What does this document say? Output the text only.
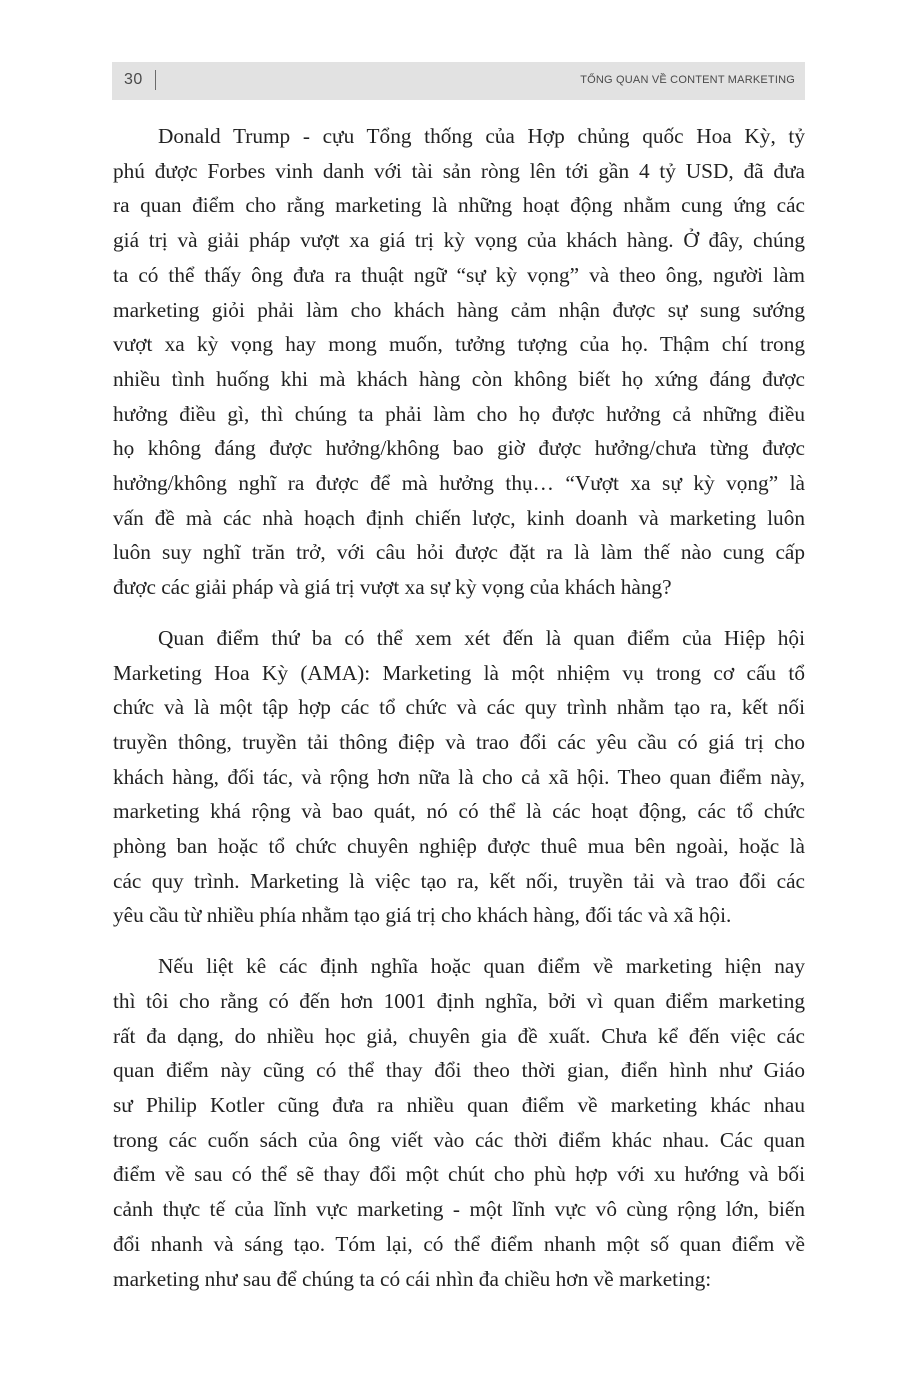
30	TỔNG QUAN VỀ CONTENT MARKETING
Donald Trump - cựu Tổng thống của Hợp chủng quốc Hoa Kỳ, tỷ
phú được Forbes vinh danh với tài sản ròng lên tới gần 4 tỷ USD, đã đưa
ra quan điểm cho rằng marketing là những hoạt động nhằm cung ứng các
giá trị và giải pháp vượt xa giá trị kỳ vọng của khách hàng. Ở đây, chúng
ta có thể thấy ông đưa ra thuật ngữ “sự kỳ vọng” và theo ông, người làm
marketing giỏi phải làm cho khách hàng cảm nhận được sự sung sướng
vượt xa kỳ vọng hay mong muốn, tưởng tượng của họ. Thậm chí trong
nhiều tình huống khi mà khách hàng còn không biết họ xứng đáng được
hưởng điều gì, thì chúng ta phải làm cho họ được hưởng cả những điều
họ không đáng được hưởng/không bao giờ được hưởng/chưa từng được
hưởng/không nghĩ ra được để mà hưởng thụ… “Vượt xa sự kỳ vọng” là
vấn đề mà các nhà hoạch định chiến lược, kinh doanh và marketing luôn
luôn suy nghĩ trăn trở, với câu hỏi được đặt ra là làm thế nào cung cấp
được các giải pháp và giá trị vượt xa sự kỳ vọng của khách hàng?
Quan điểm thứ ba có thể xem xét đến là quan điểm của Hiệp hội
Marketing Hoa Kỳ (AMA): Marketing là một nhiệm vụ trong cơ cấu tổ
chức và là một tập hợp các tổ chức và các quy trình nhằm tạo ra, kết nối
truyền thông, truyền tải thông điệp và trao đổi các yêu cầu có giá trị cho
khách hàng, đối tác, và rộng hơn nữa là cho cả xã hội. Theo quan điểm này,
marketing khá rộng và bao quát, nó có thể là các hoạt động, các tổ chức
phòng ban hoặc tổ chức chuyên nghiệp được thuê mua bên ngoài, hoặc là
các quy trình. Marketing là việc tạo ra, kết nối, truyền tải và trao đổi các
yêu cầu từ nhiều phía nhằm tạo giá trị cho khách hàng, đối tác và xã hội.
Nếu liệt kê các định nghĩa hoặc quan điểm về marketing hiện nay
thì tôi cho rằng có đến hơn 1001 định nghĩa, bởi vì quan điểm marketing
rất đa dạng, do nhiều học giả, chuyên gia đề xuất. Chưa kể đến việc các
quan điểm này cũng có thể thay đổi theo thời gian, điển hình như Giáo
sư Philip Kotler cũng đưa ra nhiều quan điểm về marketing khác nhau
trong các cuốn sách của ông viết vào các thời điểm khác nhau. Các quan
điểm về sau có thể sẽ thay đổi một chút cho phù hợp với xu hướng và bối
cảnh thực tế của lĩnh vực marketing - một lĩnh vực vô cùng rộng lớn, biến
đổi nhanh và sáng tạo. Tóm lại, có thể điểm nhanh một số quan điểm về
marketing như sau để chúng ta có cái nhìn đa chiều hơn về marketing:
